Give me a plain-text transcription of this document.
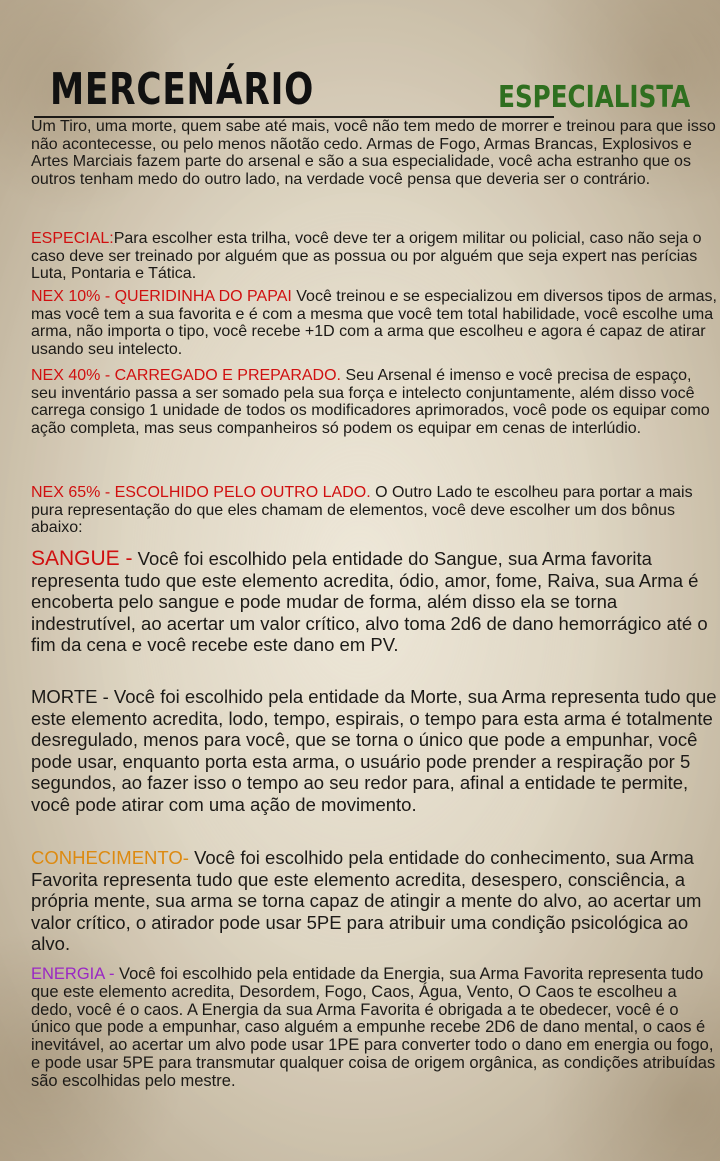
MERCENÁRIO	ESPECIALISTA

Um Tiro, uma morte, quem sabe até mais, você não tem medo de morrer e treinou para que isso não acontecesse, ou pelo menos nãotão cedo. Armas de Fogo, Armas Brancas, Explosivos e Artes Marciais fazem parte do arsenal e são a sua especialidade, você acha estranho que os outros tenham medo do outro lado, na verdade você pensa que deveria ser o contrário.

ESPECIAL:Para escolher esta trilha, você deve ter a origem militar ou policial, caso não seja o caso deve ser treinado por alguém que as possua ou por alguém que seja expert nas perícias Luta, Pontaria e Tática.

NEX 10% - QUERIDINHA DO PAPAI Você treinou e se especializou em diversos tipos de armas, mas você tem a sua favorita e é com a mesma que você tem total habilidade, você escolhe uma arma, não importa o tipo, você recebe +1D com a arma que escolheu e agora é capaz de atirar usando seu intelecto.

NEX 40% - CARREGADO E PREPARADO. Seu Arsenal é imenso e você precisa de espaço, seu inventário passa a ser somado pela sua força e intelecto conjuntamente, além disso você carrega consigo 1 unidade de todos os modificadores aprimorados, você pode os equipar como ação completa, mas seus companheiros só podem os equipar em cenas de interlúdio.

NEX 65% - ESCOLHIDO PELO OUTRO LADO. O Outro Lado te escolheu para portar a mais pura representação do que eles chamam de elementos, você deve escolher um dos bônus abaixo:

SANGUE - Você foi escolhido pela entidade do Sangue, sua Arma favorita representa tudo que este elemento acredita, ódio, amor, fome, Raiva, sua Arma é encoberta pelo sangue e pode mudar de forma, além disso ela se torna indestrutível, ao acertar um valor crítico, alvo toma 2d6 de dano hemorrágico até o fim da cena e você recebe este dano em PV.

MORTE - Você foi escolhido pela entidade da Morte, sua Arma representa tudo que este elemento acredita, lodo, tempo, espirais, o tempo para esta arma é totalmente desregulado, menos para você, que se torna o único que pode a empunhar, você pode usar, enquanto porta esta arma, o usuário pode prender a respiração por 5 segundos, ao fazer isso o tempo ao seu redor para, afinal a entidade te permite, você pode atirar com uma ação de movimento.

CONHECIMENTO- Você foi escolhido pela entidade do conhecimento, sua Arma Favorita representa tudo que este elemento acredita, desespero, consciência, a própria mente, sua arma se torna capaz de atingir a mente do alvo, ao acertar um valor crítico, o atirador pode usar 5PE para atribuir uma condição psicológica ao alvo.

ENERGIA - Você foi escolhido pela entidade da Energia, sua Arma Favorita representa tudo que este elemento acredita, Desordem, Fogo, Caos, Água, Vento, O Caos te escolheu a dedo, você é o caos. A Energia da sua Arma Favorita é obrigada a te obedecer, você é o único que pode a empunhar, caso alguém a empunhe recebe 2D6 de dano mental, o caos é inevitável, ao acertar um alvo pode usar 1PE para converter todo o dano em energia ou fogo, e pode usar 5PE para transmutar qualquer coisa de origem orgânica, as condições atribuídas são escolhidas pelo mestre.
